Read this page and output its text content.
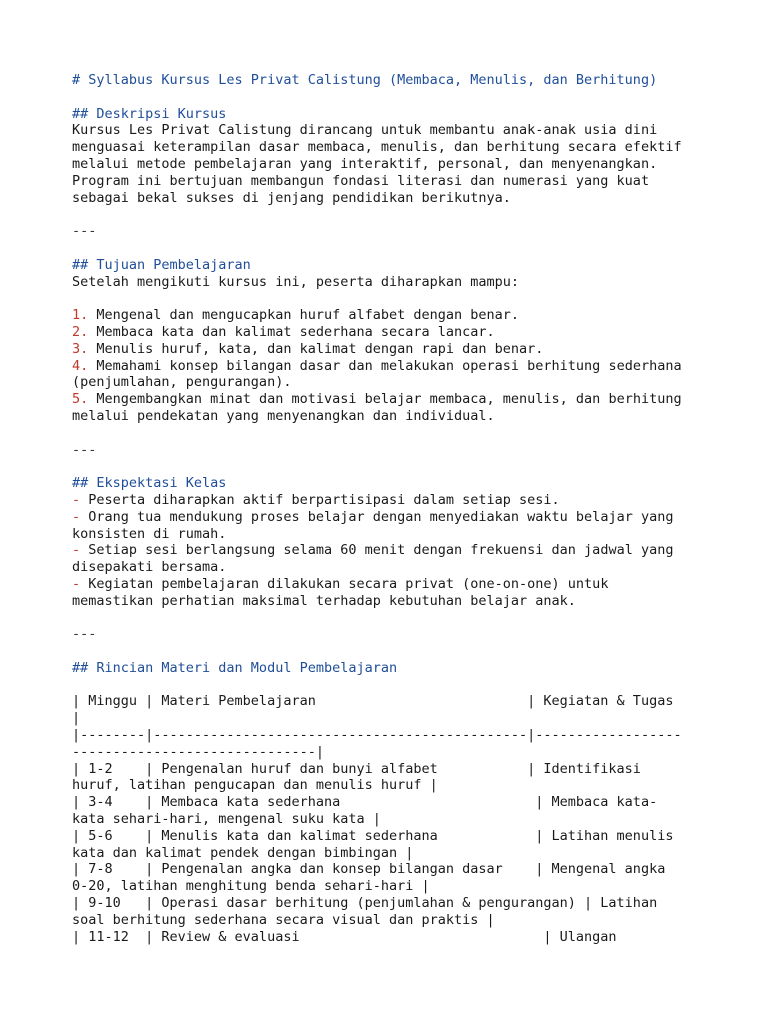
# Syllabus Kursus Les Privat Calistung (Membaca, Menulis, dan Berhitung)
## Deskripsi Kursus
Kursus Les Privat Calistung dirancang untuk membantu anak-anak usia dini
menguasai keterampilan dasar membaca, menulis, dan berhitung secara efektif
melalui metode pembelajaran yang interaktif, personal, dan menyenangkan.
Program ini bertujuan membangun fondasi literasi dan numerasi yang kuat
sebagai bekal sukses di jenjang pendidikan berikutnya.
---
## Tujuan Pembelajaran
Setelah mengikuti kursus ini, peserta diharapkan mampu:
1. Mengenal dan mengucapkan huruf alfabet dengan benar.
2. Membaca kata dan kalimat sederhana secara lancar.
3. Menulis huruf, kata, dan kalimat dengan rapi dan benar.
4. Memahami konsep bilangan dasar dan melakukan operasi berhitung sederhana
(penjumlahan, pengurangan).
5. Mengembangkan minat dan motivasi belajar membaca, menulis, dan berhitung
melalui pendekatan yang menyenangkan dan individual.
---
## Ekspektasi Kelas
- Peserta diharapkan aktif berpartisipasi dalam setiap sesi.
- Orang tua mendukung proses belajar dengan menyediakan waktu belajar yang
konsisten di rumah.
- Setiap sesi berlangsung selama 60 menit dengan frekuensi dan jadwal yang
disepakati bersama.
- Kegiatan pembelajaran dilakukan secara privat (one-on-one) untuk
memastikan perhatian maksimal terhadap kebutuhan belajar anak.
---
## Rincian Materi dan Modul Pembelajaran
| Minggu | Materi Pembelajaran                          | Kegiatan & Tugas
|
|--------|----------------------------------------------|------------------
------------------------------|
| 1-2    | Pengenalan huruf dan bunyi alfabet           | Identifikasi
huruf, latihan pengucapan dan menulis huruf |
| 3-4    | Membaca kata sederhana                        | Membaca kata-
kata sehari-hari, mengenal suku kata |
| 5-6    | Menulis kata dan kalimat sederhana            | Latihan menulis
kata dan kalimat pendek dengan bimbingan |
| 7-8    | Pengenalan angka dan konsep bilangan dasar    | Mengenal angka
0-20, latihan menghitung benda sehari-hari |
| 9-10   | Operasi dasar berhitung (penjumlahan & pengurangan) | Latihan
soal berhitung sederhana secara visual dan praktis |
| 11-12  | Review & evaluasi                              | Ulangan
